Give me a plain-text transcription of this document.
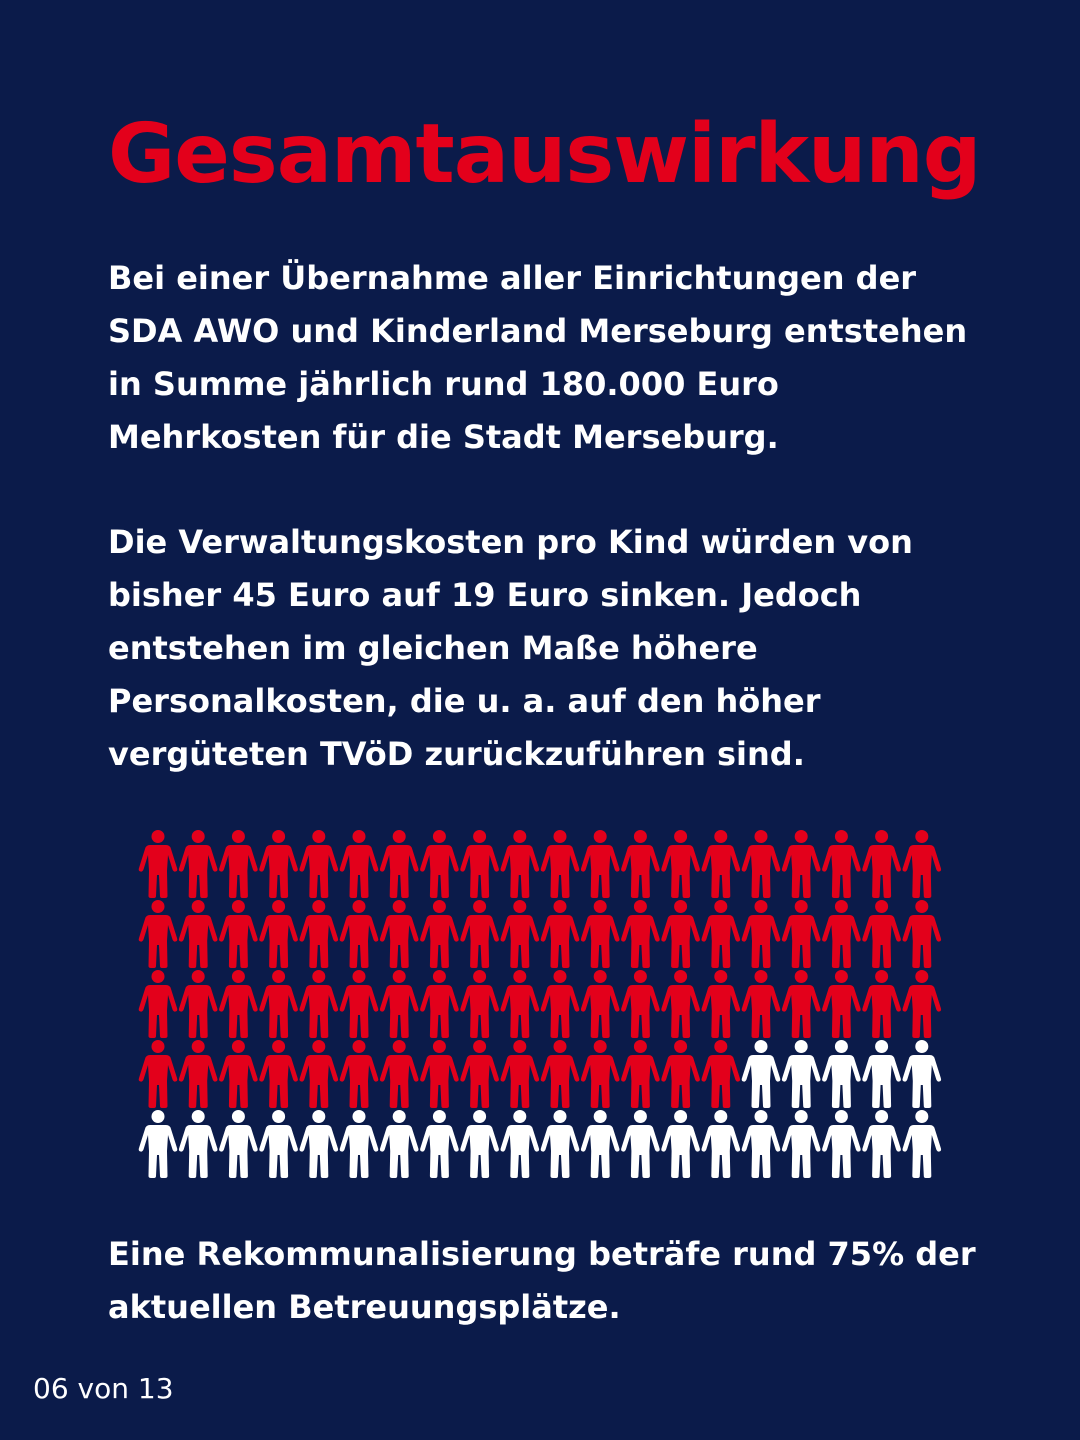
Gesamtauswirkung

Bei einer Übernahme aller Einrichtungen der SDA AWO und Kinderland Merseburg entstehen in Summe jährlich rund 180.000 Euro Mehrkosten für die Stadt Merseburg.

Die Verwaltungskosten pro Kind würden von bisher 45 Euro auf 19 Euro sinken. Jedoch entstehen im gleichen Maße höhere Personalkosten, die u. a. auf den höher vergüteten TVöD zurückzuführen sind.

Eine Rekommunalisierung beträfe rund 75% der aktuellen Betreuungsplätze.

06 von 13
